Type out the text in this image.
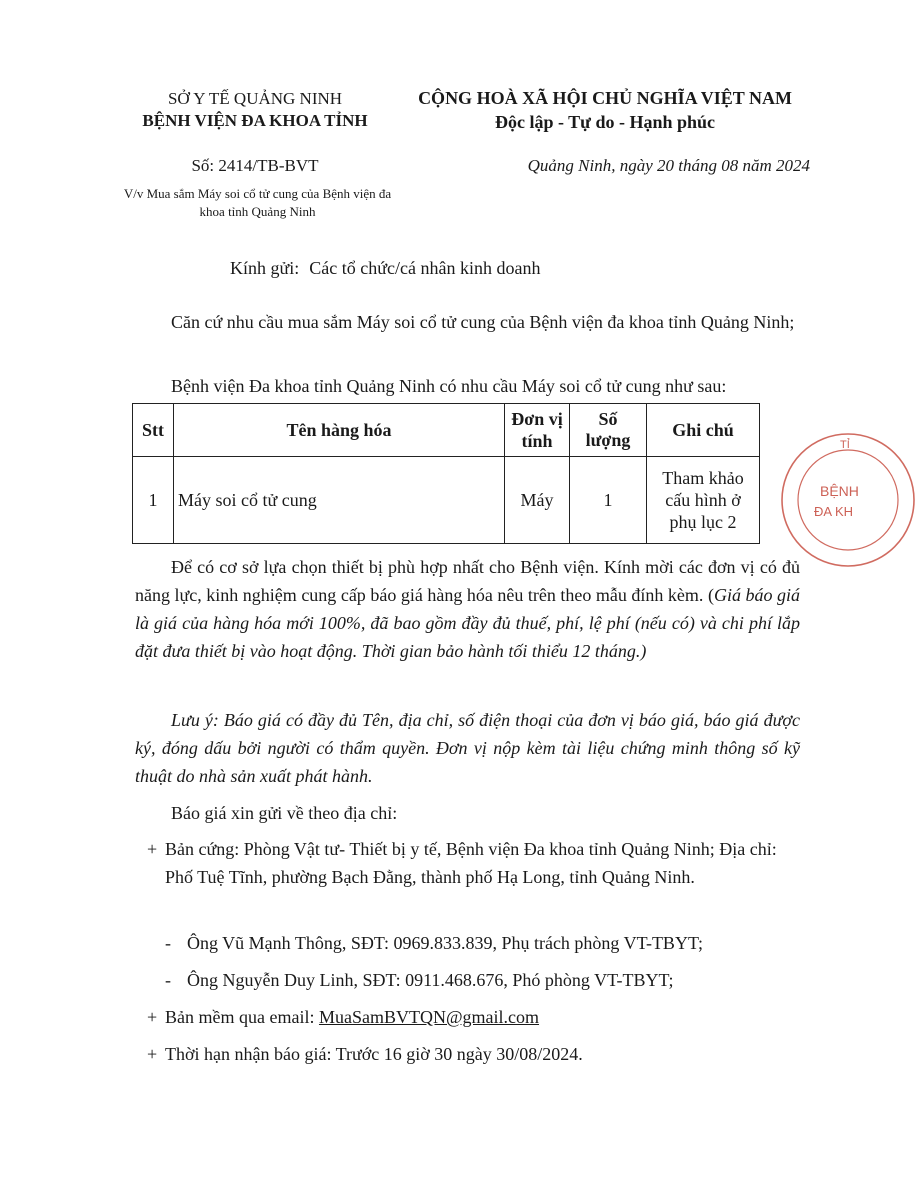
SỞ Y TẾ QUẢNG NINH
BỆNH VIỆN ĐA KHOA TỈNH
CỘNG HOÀ XÃ HỘI CHỦ NGHĨA VIỆT NAM
Độc lập - Tự do - Hạnh phúc
Số: 2414/TB-BVT	Quảng Ninh, ngày 20 tháng 08 năm 2024
V/v Mua sắm Máy soi cổ tử cung của Bệnh viện đa
khoa tỉnh Quảng Ninh
Kính gửi: Các tổ chức/cá nhân kinh doanh
Căn cứ nhu cầu mua sắm Máy soi cổ tử cung của Bệnh viện đa khoa tỉnh Quảng Ninh;
Bệnh viện Đa khoa tỉnh Quảng Ninh có nhu cầu Máy soi cổ tử cung như sau:
Stt	Tên hàng hóa	Đơn vị tính	Số lượng	Ghi chú
1	Máy soi cổ tử cung	Máy	1	Tham khảo cấu hình ở phụ lục 2
Để có cơ sở lựa chọn thiết bị phù hợp nhất cho Bệnh viện. Kính mời các đơn vị có đủ năng lực, kinh nghiệm cung cấp báo giá hàng hóa nêu trên theo mẫu đính kèm. (Giá báo giá là giá của hàng hóa mới 100%, đã bao gồm đầy đủ thuế, phí, lệ phí (nếu có) và chi phí lắp đặt đưa thiết bị vào hoạt động. Thời gian bảo hành tối thiểu 12 tháng.)
Lưu ý: Báo giá có đầy đủ Tên, địa chỉ, số điện thoại của đơn vị báo giá, báo giá được ký, đóng dấu bởi người có thẩm quyền. Đơn vị nộp kèm tài liệu chứng minh thông số kỹ thuật do nhà sản xuất phát hành.
Báo giá xin gửi về theo địa chỉ:
+ Bản cứng: Phòng Vật tư- Thiết bị y tế, Bệnh viện Đa khoa tỉnh Quảng Ninh; Địa chỉ: Phố Tuệ Tĩnh, phường Bạch Đằng, thành phố Hạ Long, tỉnh Quảng Ninh.
- Ông Vũ Mạnh Thông, SĐT: 0969.833.839, Phụ trách phòng VT-TBYT;
- Ông Nguyễn Duy Linh, SĐT: 0911.468.676, Phó phòng VT-TBYT;
+ Bản mềm qua email: MuaSamBVTQN@gmail.com
+ Thời hạn nhận báo giá: Trước 16 giờ 30 ngày 30/08/2024.
TỈ
BỆNH
ĐA KH
